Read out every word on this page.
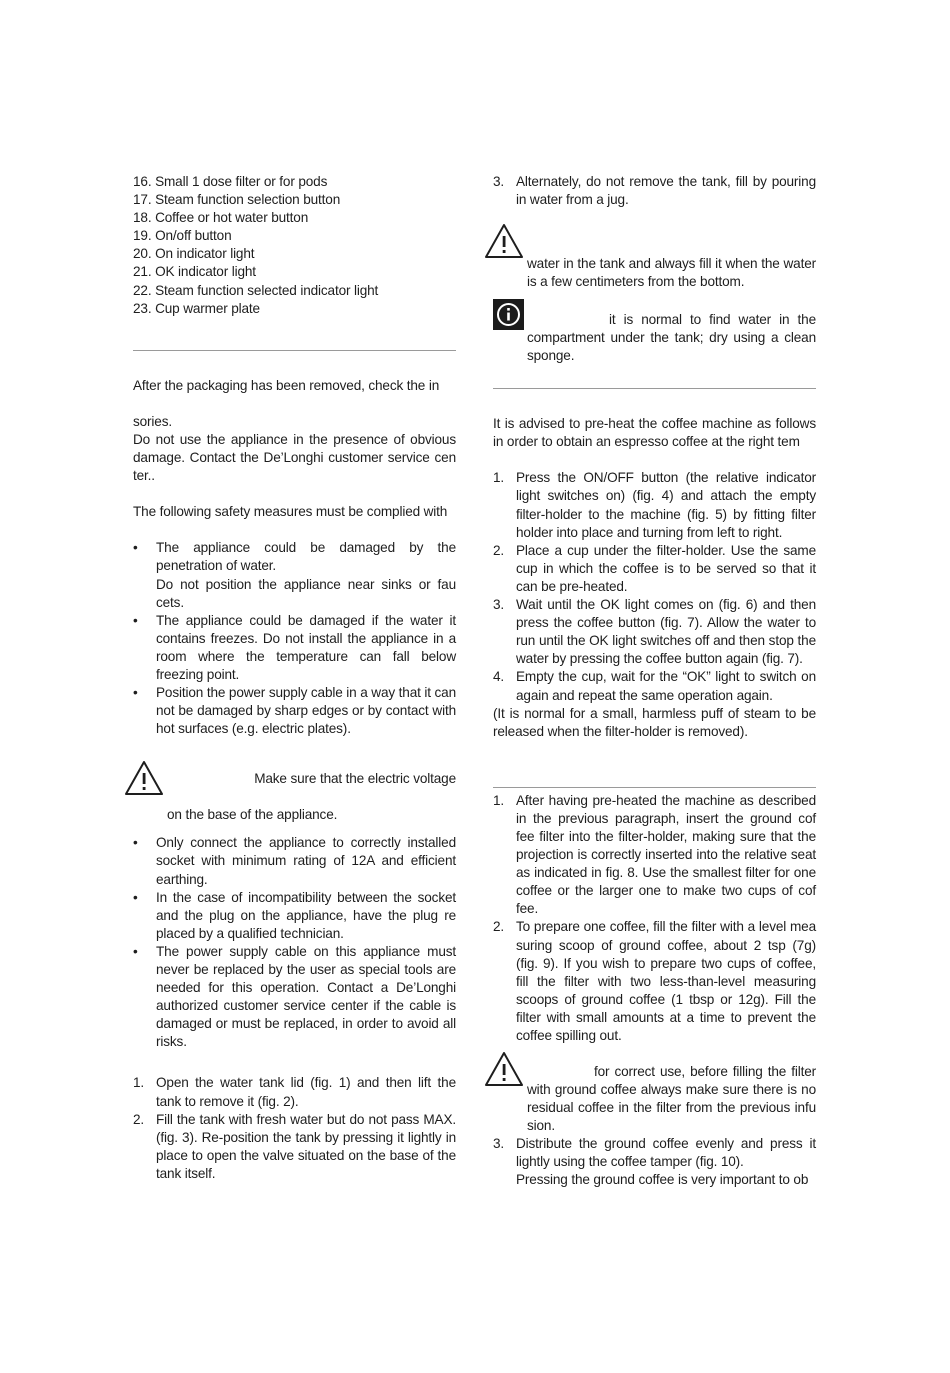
16. Small 1 dose filter or for pods
17. Steam function selection button
18. Coffee or hot water button
19. On/off button
20. On indicator light
21. OK indicator light
22. Steam function selected indicator light
23. Cup warmer plate

After the packaging has been removed, check the in

sories.

Do not use the appliance in the presence of obvious damage. Contact the De’Longhi customer service cen ter..

The following safety measures must be complied with

• The appliance could be damaged by the penetration of water.
Do not position the appliance near sinks or fau cets.
• The appliance could be damaged if the water it contains freezes. Do not install the appliance in a room where the temperature can fall below freezing point.
• Position the power supply cable in a way that it can not be damaged by sharp edges or by contact with hot surfaces (e.g. electric plates).

Make sure that the electric voltage

on the base of the appliance.

• Only connect the appliance to correctly installed socket with minimum rating of 12A and efficient earthing.
• In the case of incompatibility between the socket and the plug on the appliance, have the plug re placed by a qualified technician.
• The power supply cable on this appliance must never be replaced by the user as special tools are needed for this operation. Contact a De’Longhi authorized customer service center if the cable is damaged or must be replaced, in order to avoid all risks.
1. Open the water tank lid (fig. 1) and then lift the tank to remove it (fig. 2).
2. Fill the tank with fresh water but do not pass MAX. (fig. 3). Re-position the tank by pressing it lightly in place to open the valve situated on the base of the tank itself.
3. Alternately, do not remove the tank, fill by pouring in water from a jug.

water in the tank and always fill it when the water is a few centimeters from the bottom.

it is normal to find water in the compartment under the tank; dry using a clean sponge.

It is advised to pre-heat the coffee machine as follows in order to obtain an espresso coffee at the right tem

1. Press the ON/OFF button (the relative indicator light switches on) (fig. 4) and attach the empty filter-holder to the machine (fig. 5) by fitting filter holder into place and turning from left to right.
2. Place a cup under the filter-holder. Use the same cup in which the coffee is to be served so that it can be pre-heated.
3. Wait until the OK light comes on (fig. 6) and then press the coffee button (fig. 7). Allow the water to run until the OK light switches off and then stop the water by pressing the coffee button again (fig. 7).
4. Empty the cup, wait for the “OK” light to switch on again and repeat the same operation again.

(It is normal for a small, harmless puff of steam to be released when the filter-holder is removed).

1. After having pre-heated the machine as described in the previous paragraph, insert the ground cof fee filter into the filter-holder, making sure that the projection is correctly inserted into the relative seat as indicated in fig. 8. Use the smallest filter for one coffee or the larger one to make two cups of cof fee.
2. To prepare one coffee, fill the filter with a level mea suring scoop of ground coffee, about 2 tsp (7g) (fig. 9). If you wish to prepare two cups of coffee, fill the filter with two less-than-level measuring scoops of ground coffee (1 tbsp or 12g). Fill the filter with small amounts at a time to prevent the coffee spilling out.

for correct use, before filling the filter with ground coffee always make sure there is no residual coffee in the filter from the previous infu sion.

3. Distribute the ground coffee evenly and press it lightly using the coffee tamper (fig. 10).
Pressing the ground coffee is very important to ob
